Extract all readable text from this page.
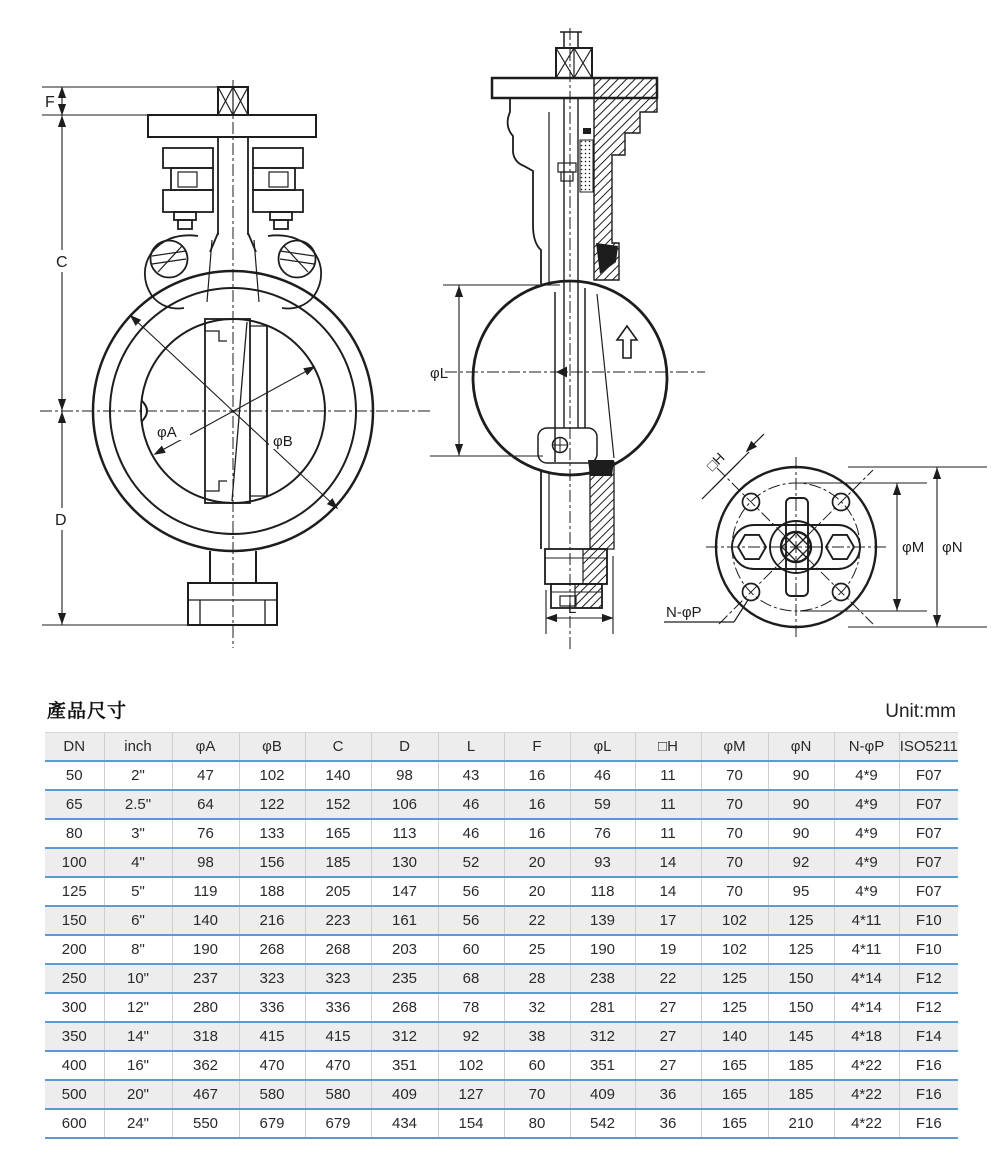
F
C
D
φA
φB
φL
L
□H
φM φN
N-φP
產品尺寸	Unit:mm
DN	inch	φA	φB	C	D	L	F	φL	□H	φM	φN	N-φP	ISO5211
50	2"	47	102	140	98	43	16	46	11	70	90	4*9	F07
65	2.5"	64	122	152	106	46	16	59	11	70	90	4*9	F07
80	3"	76	133	165	113	46	16	76	11	70	90	4*9	F07
100	4"	98	156	185	130	52	20	93	14	70	92	4*9	F07
125	5"	119	188	205	147	56	20	118	14	70	95	4*9	F07
150	6"	140	216	223	161	56	22	139	17	102	125	4*11	F10
200	8"	190	268	268	203	60	25	190	19	102	125	4*11	F10
250	10"	237	323	323	235	68	28	238	22	125	150	4*14	F12
300	12"	280	336	336	268	78	32	281	27	125	150	4*14	F12
350	14"	318	415	415	312	92	38	312	27	140	145	4*18	F14
400	16"	362	470	470	351	102	60	351	27	165	185	4*22	F16
500	20"	467	580	580	409	127	70	409	36	165	185	4*22	F16
600	24"	550	679	679	434	154	80	542	36	165	210	4*22	F16
